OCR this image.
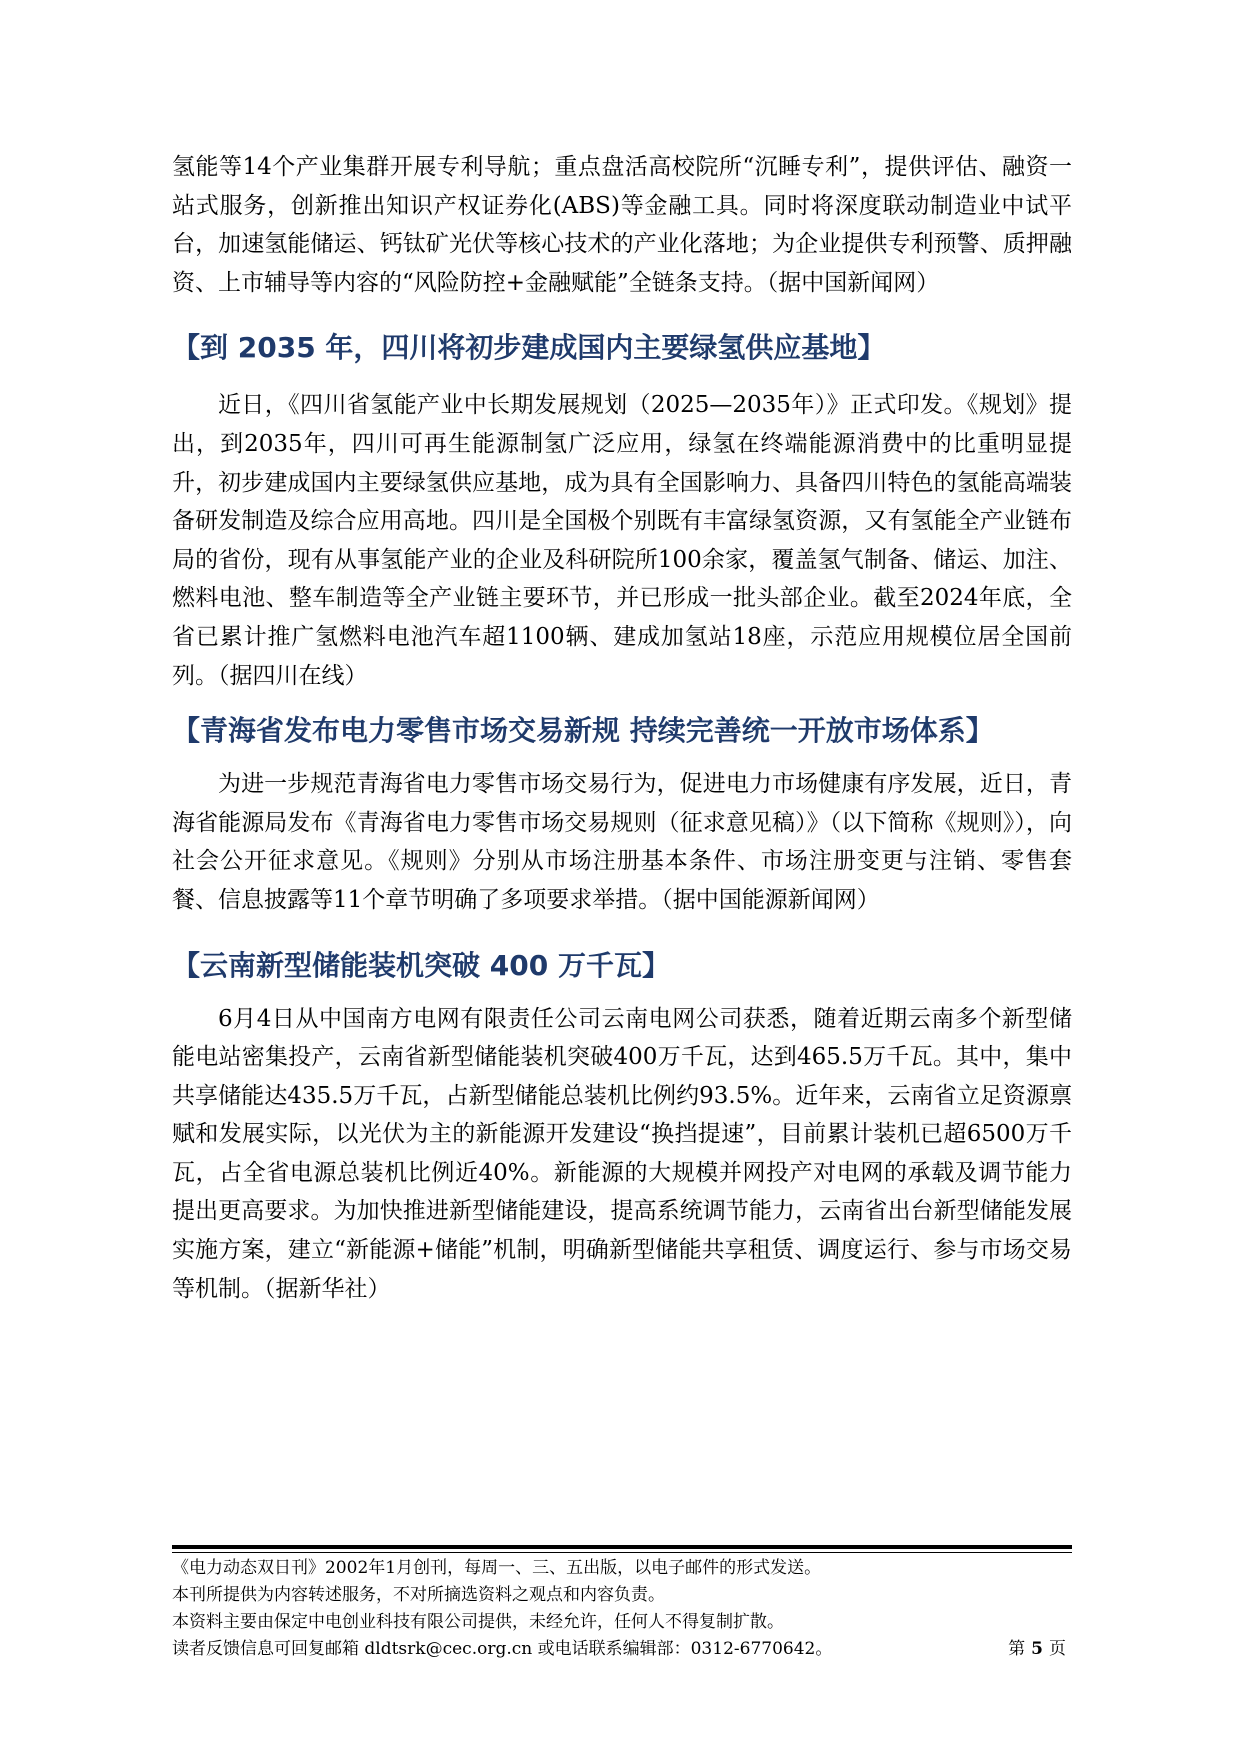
氢能等14个产业集群开展专利导航；重点盘活高校院所“沉睡专利”，提供评估、融资一站式服务，创新推出知识产权证券化(ABS)等金融工具。同时将深度联动制造业中试平台，加速氢能储运、钙钛矿光伏等核心技术的产业化落地；为企业提供专利预警、质押融资、上市辅导等内容的“风险防控+金融赋能”全链条支持。（据中国新闻网）

【到 2035 年，四川将初步建成国内主要绿氢供应基地】

近日，《四川省氢能产业中长期发展规划（2025—2035年）》正式印发。《规划》提出，到2035年，四川可再生能源制氢广泛应用，绿氢在终端能源消费中的比重明显提升，初步建成国内主要绿氢供应基地，成为具有全国影响力、具备四川特色的氢能高端装备研发制造及综合应用高地。四川是全国极个别既有丰富绿氢资源，又有氢能全产业链布局的省份，现有从事氢能产业的企业及科研院所100余家，覆盖氢气制备、储运、加注、燃料电池、整车制造等全产业链主要环节，并已形成一批头部企业。截至2024年底，全省已累计推广氢燃料电池汽车超1100辆、建成加氢站18座，示范应用规模位居全国前列。（据四川在线）

【青海省发布电力零售市场交易新规 持续完善统一开放市场体系】

为进一步规范青海省电力零售市场交易行为，促进电力市场健康有序发展，近日，青海省能源局发布《青海省电力零售市场交易规则（征求意见稿）》（以下简称《规则》），向社会公开征求意见。《规则》分别从市场注册基本条件、市场注册变更与注销、零售套餐、信息披露等11个章节明确了多项要求举措。（据中国能源新闻网）

【云南新型储能装机突破 400 万千瓦】

6月4日从中国南方电网有限责任公司云南电网公司获悉，随着近期云南多个新型储能电站密集投产，云南省新型储能装机突破400万千瓦，达到465.5万千瓦。其中，集中共享储能达435.5万千瓦，占新型储能总装机比例约93.5%。近年来，云南省立足资源禀赋和发展实际，以光伏为主的新能源开发建设“换挡提速”，目前累计装机已超6500万千瓦，占全省电源总装机比例近40%。新能源的大规模并网投产对电网的承载及调节能力提出更高要求。为加快推进新型储能建设，提高系统调节能力，云南省出台新型储能发展实施方案，建立“新能源+储能”机制，明确新型储能共享租赁、调度运行、参与市场交易等机制。（据新华社）

《电力动态双日刊》2002年1月创刊，每周一、三、五出版，以电子邮件的形式发送。
本刊所提供为内容转述服务，不对所摘选资料之观点和内容负责。
本资料主要由保定中电创业科技有限公司提供，未经允许，任何人不得复制扩散。
读者反馈信息可回复邮箱 dldtsrk@cec.org.cn 或电话联系编辑部：0312-6770642。	第 5 页
